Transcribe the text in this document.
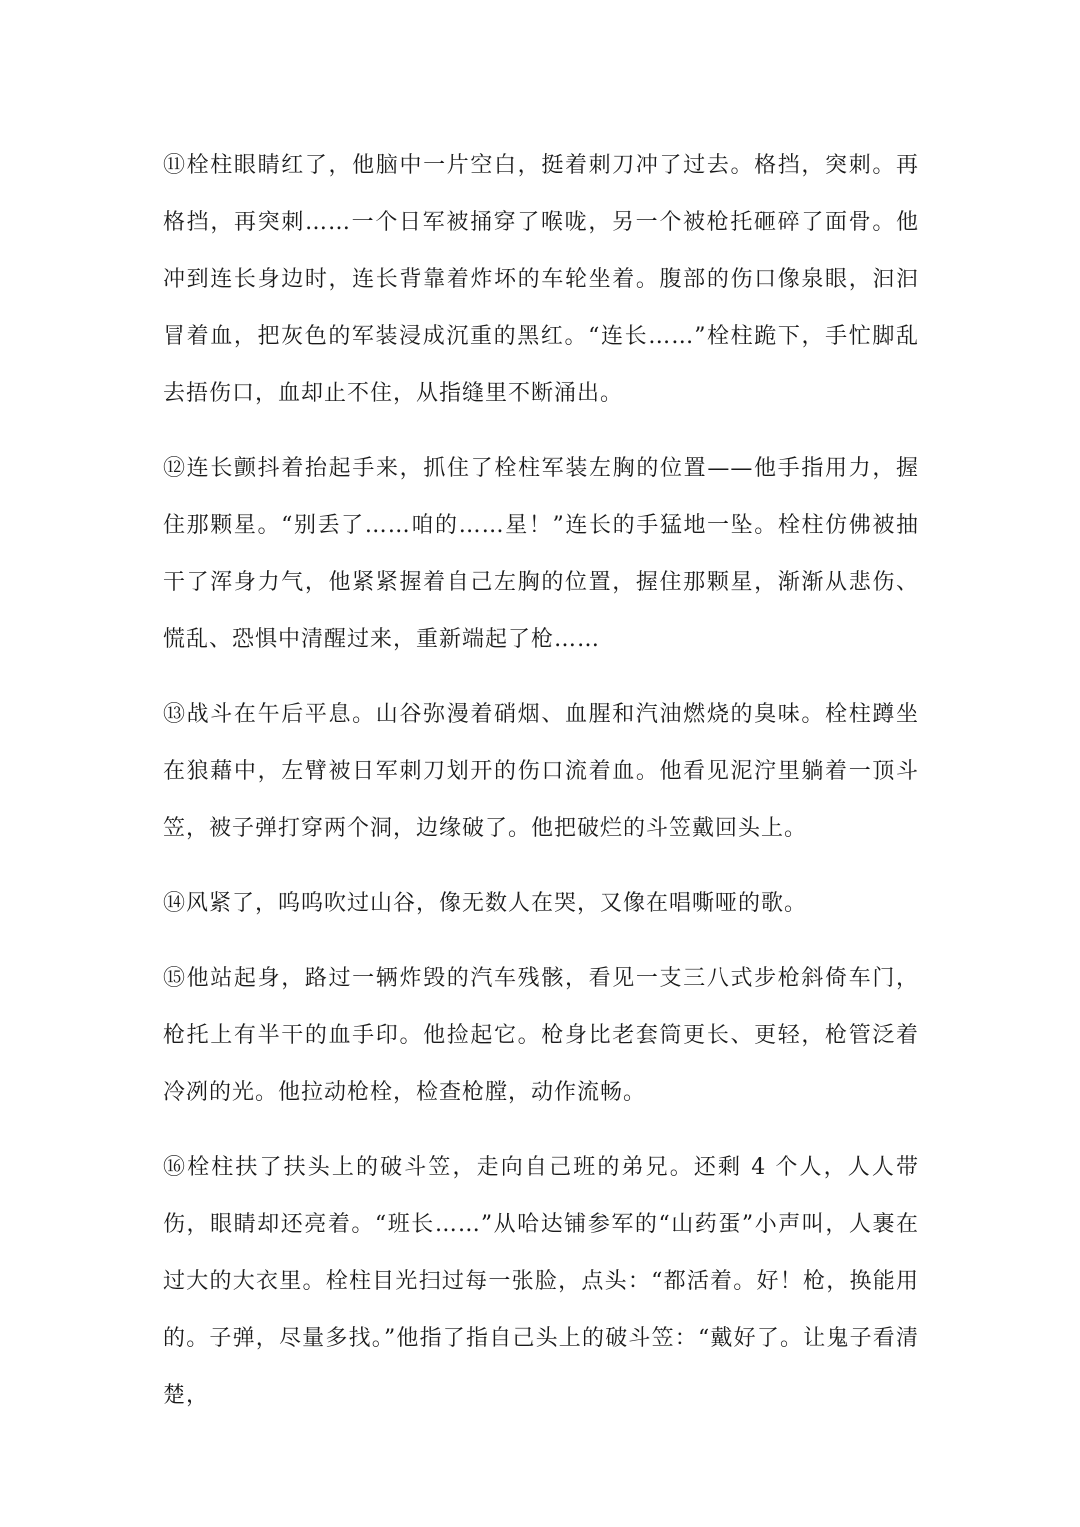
⑪栓柱眼睛红了，他脑中一片空白，挺着刺刀冲了过去。格挡，突刺。再格挡，再突刺……一个日军被捅穿了喉咙，另一个被枪托砸碎了面骨。他冲到连长身边时，连长背靠着炸坏的车轮坐着。腹部的伤口像泉眼，汩汩冒着血，把灰色的军装浸成沉重的黑红。“连长……”栓柱跪下，手忙脚乱去捂伤口，血却止不住，从指缝里不断涌出。

⑫连长颤抖着抬起手来，抓住了栓柱军装左胸的位置——他手指用力，握住那颗星。“别丢了……咱的……星！”连长的手猛地一坠。栓柱仿佛被抽干了浑身力气，他紧紧握着自己左胸的位置，握住那颗星，渐渐从悲伤、慌乱、恐惧中清醒过来，重新端起了枪……

⑬战斗在午后平息。山谷弥漫着硝烟、血腥和汽油燃烧的臭味。栓柱蹲坐在狼藉中，左臂被日军刺刀划开的伤口流着血。他看见泥泞里躺着一顶斗笠，被子弹打穿两个洞，边缘破了。他把破烂的斗笠戴回头上。

⑭风紧了，呜呜吹过山谷，像无数人在哭，又像在唱嘶哑的歌。

⑮他站起身，路过一辆炸毁的汽车残骸，看见一支三八式步枪斜倚车门，枪托上有半干的血手印。他捡起它。枪身比老套筒更长、更轻，枪管泛着冷冽的光。他拉动枪栓，检查枪膛，动作流畅。

⑯栓柱扶了扶头上的破斗笠，走向自己班的弟兄。还剩 4 个人，人人带伤，眼睛却还亮着。“班长……”从哈达铺参军的“山药蛋”小声叫，人裹在过大的大衣里。栓柱目光扫过每一张脸，点头：“都活着。好！枪，换能用的。子弹，尽量多找。”他指了指自己头上的破斗笠：“戴好了。让鬼子看清楚，
